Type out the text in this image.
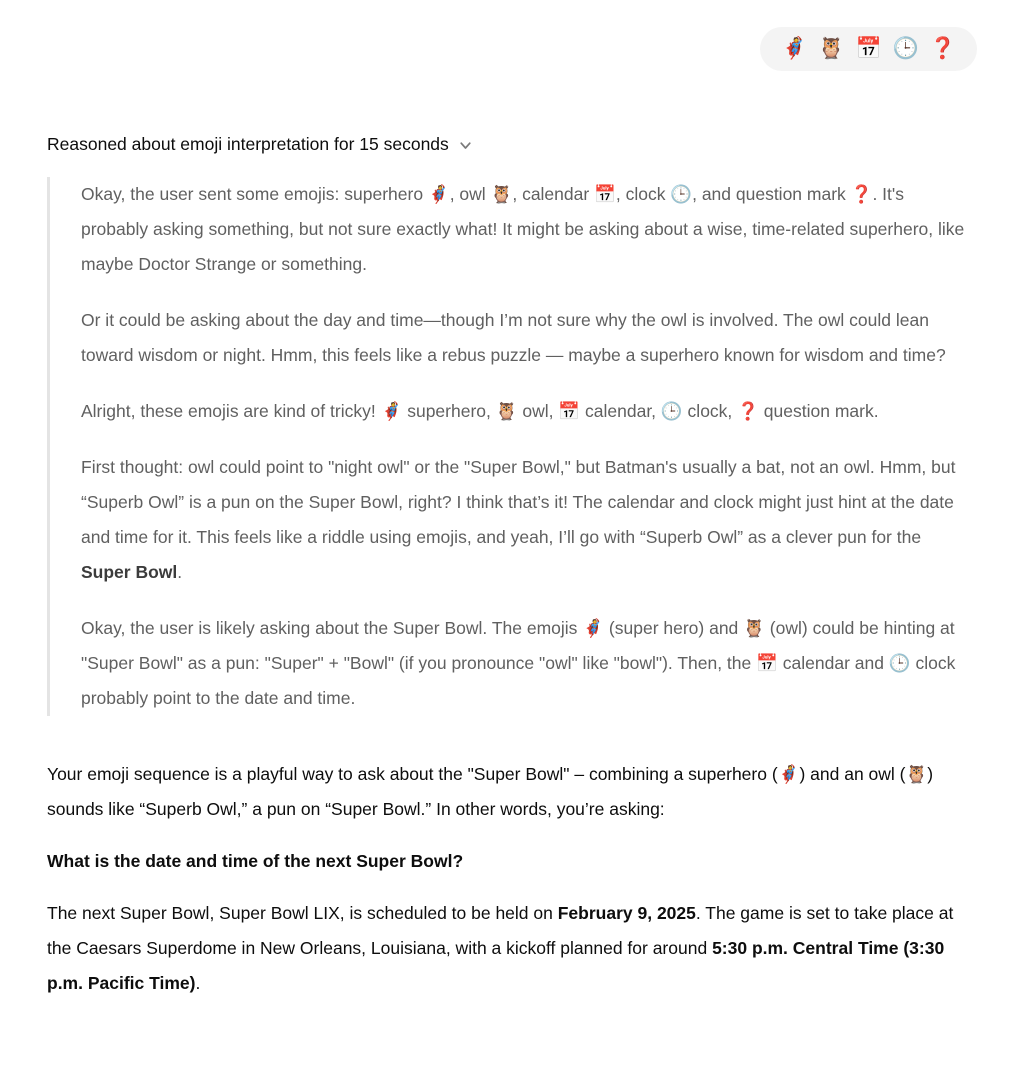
🦸 🦉 📅 🕒 ❓
Reasoned about emoji interpretation for 15 seconds

Okay, the user sent some emojis: superhero 🦸, owl 🦉, calendar 📅, clock 🕒, and question mark ❓. It's probably asking something, but not sure exactly what! It might be asking about a wise, time-related superhero, like maybe Doctor Strange or something.

Or it could be asking about the day and time—though I’m not sure why the owl is involved. The owl could lean toward wisdom or night. Hmm, this feels like a rebus puzzle — maybe a superhero known for wisdom and time?

Alright, these emojis are kind of tricky! 🦸 superhero, 🦉 owl, 📅 calendar, 🕒 clock, ❓ question mark.

First thought: owl could point to "night owl" or the "Super Bowl," but Batman's usually a bat, not an owl. Hmm, but “Superb Owl” is a pun on the Super Bowl, right? I think that’s it! The calendar and clock might just hint at the date and time for it. This feels like a riddle using emojis, and yeah, I’ll go with “Superb Owl” as a clever pun for the Super Bowl.

Okay, the user is likely asking about the Super Bowl. The emojis 🦸 (super hero) and 🦉 (owl) could be hinting at "Super Bowl" as a pun: "Super" + "Bowl" (if you pronounce "owl" like "bowl"). Then, the 📅 calendar and 🕒 clock probably point to the date and time.

Your emoji sequence is a playful way to ask about the "Super Bowl" – combining a superhero (🦸) and an owl (🦉) sounds like “Superb Owl,” a pun on “Super Bowl.” In other words, you’re asking:

What is the date and time of the next Super Bowl?

The next Super Bowl, Super Bowl LIX, is scheduled to be held on February 9, 2025. The game is set to take place at the Caesars Superdome in New Orleans, Louisiana, with a kickoff planned for around 5:30 p.m. Central Time (3:30 p.m. Pacific Time).
